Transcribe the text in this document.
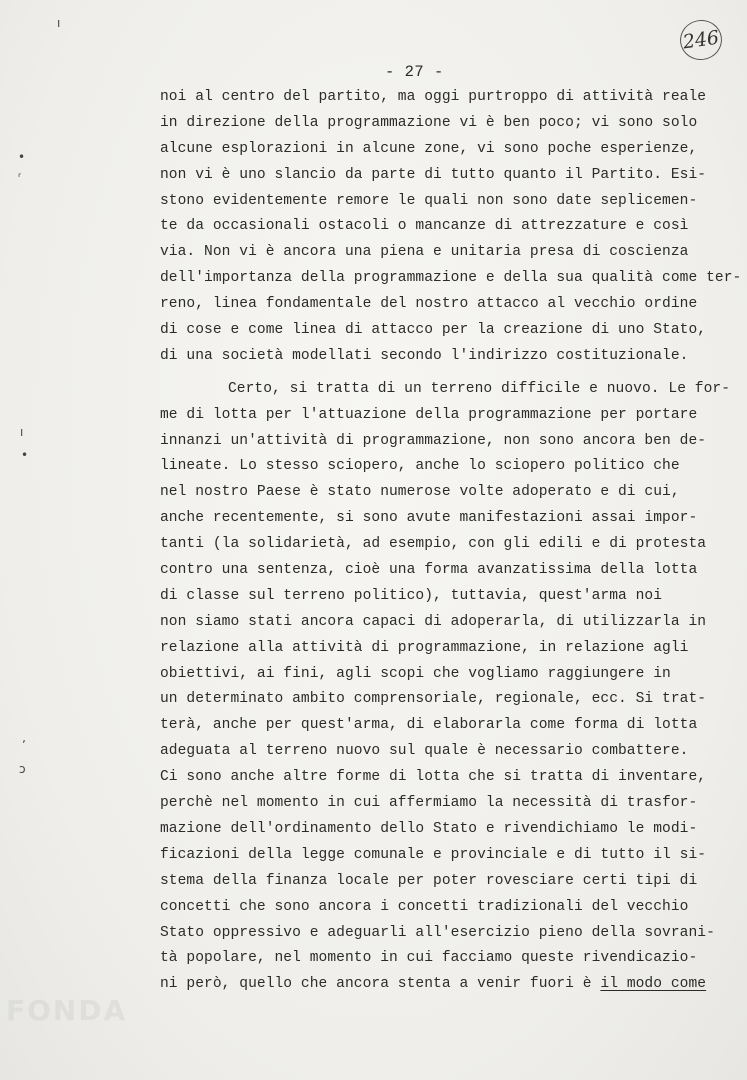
246
- 27 -
ı
•
ʳ
ı
•
ʼ
ɔ
noi al centro del partito, ma oggi purtroppo di attività reale
in direzione della programmazione vi è ben poco; vi sono solo
alcune esplorazioni in alcune zone, vi sono poche esperienze,
non vi è uno slancio da parte di tutto quanto il Partito. Esi-
stono evidentemente remore le quali non sono date seplicemen-
te da occasionali ostacoli o mancanze di attrezzature e così
via. Non vi è ancora una piena e unitaria presa di coscienza
dell'importanza della programmazione e della sua qualità come ter-
reno, linea fondamentale del nostro attacco al vecchio ordine
di cose e come linea di attacco per la creazione di uno Stato,
di una società modellati secondo l'indirizzo costituzionale.
Certo, si tratta di un terreno difficile e nuovo. Le for-
me di lotta per l'attuazione della programmazione per portare
innanzi un'attività di programmazione, non sono ancora ben de-
lineate. Lo stesso sciopero, anche lo sciopero politico che
nel nostro Paese è stato numerose volte adoperato e di cui,
anche recentemente, si sono avute manifestazioni assai impor-
tanti (la solidarietà, ad esempio, con gli edili e di protesta
contro una sentenza, cioè una forma avanzatissima della lotta
di classe sul terreno politico), tuttavia, quest'arma noi
non siamo stati ancora capaci di adoperarla, di utilizzarla in
relazione alla attività di programmazione, in relazione agli
obiettivi, ai fini, agli scopi che vogliamo raggiungere in
un determinato ambito comprensoriale, regionale, ecc. Si trat-
terà, anche per quest'arma, di elaborarla come forma di lotta
adeguata al terreno nuovo sul quale è necessario combattere.
Ci sono anche altre forme di lotta che si tratta di inventare,
perchè nel momento in cui affermiamo la necessità di trasfor-
mazione dell'ordinamento dello Stato e rivendichiamo le modi-
ficazioni della legge comunale e provinciale e di tutto il si-
stema della finanza locale per poter rovesciare certi tipi di
concetti che sono ancora i concetti tradizionali del vecchio
Stato oppressivo e adeguarli all'esercizio pieno della sovrani-
tà popolare, nel momento in cui facciamo queste rivendicazio-
ni però, quello che ancora stenta a venir fuori è il modo come
FONDA
